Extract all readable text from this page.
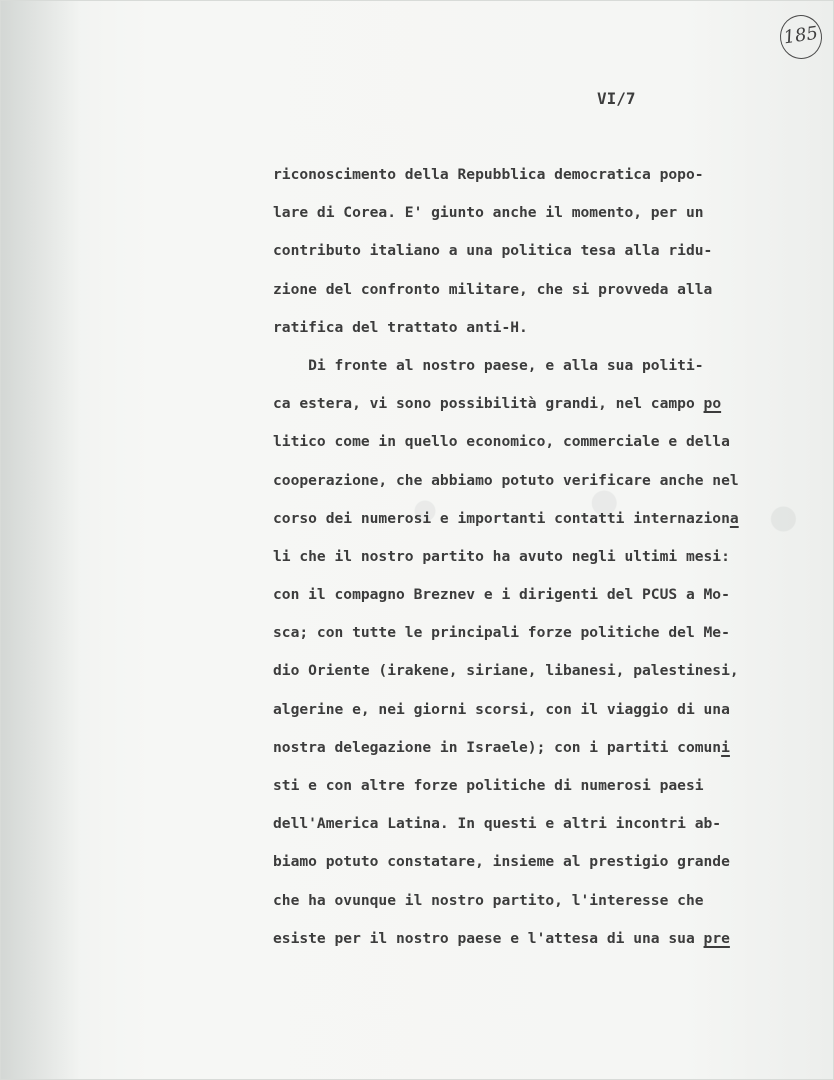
185
VI/7
riconoscimento della Repubblica democratica popo-
lare di Corea. E' giunto anche il momento, per un
contributo italiano a una politica tesa alla ridu-
zione del confronto militare, che si provveda alla
ratifica del trattato anti-H.
Di fronte al nostro paese, e alla sua politi-
ca estera, vi sono possibilità grandi, nel campo po
litico come in quello economico, commerciale e della
cooperazione, che abbiamo potuto verificare anche nel
corso dei numerosi e importanti contatti internaziona
li che il nostro partito ha avuto negli ultimi mesi:
con il compagno Breznev e i dirigenti del PCUS a Mo-
sca; con tutte le principali forze politiche del Me-
dio Oriente (irakene, siriane, libanesi, palestinesi,
algerine e, nei giorni scorsi, con il viaggio di una
nostra delegazione in Israele); con i partiti comuni
sti e con altre forze politiche di numerosi paesi
dell'America Latina. In questi e altri incontri ab-
biamo potuto constatare, insieme al prestigio grande
che ha ovunque il nostro partito, l'interesse che
esiste per il nostro paese e l'attesa di una sua pre
